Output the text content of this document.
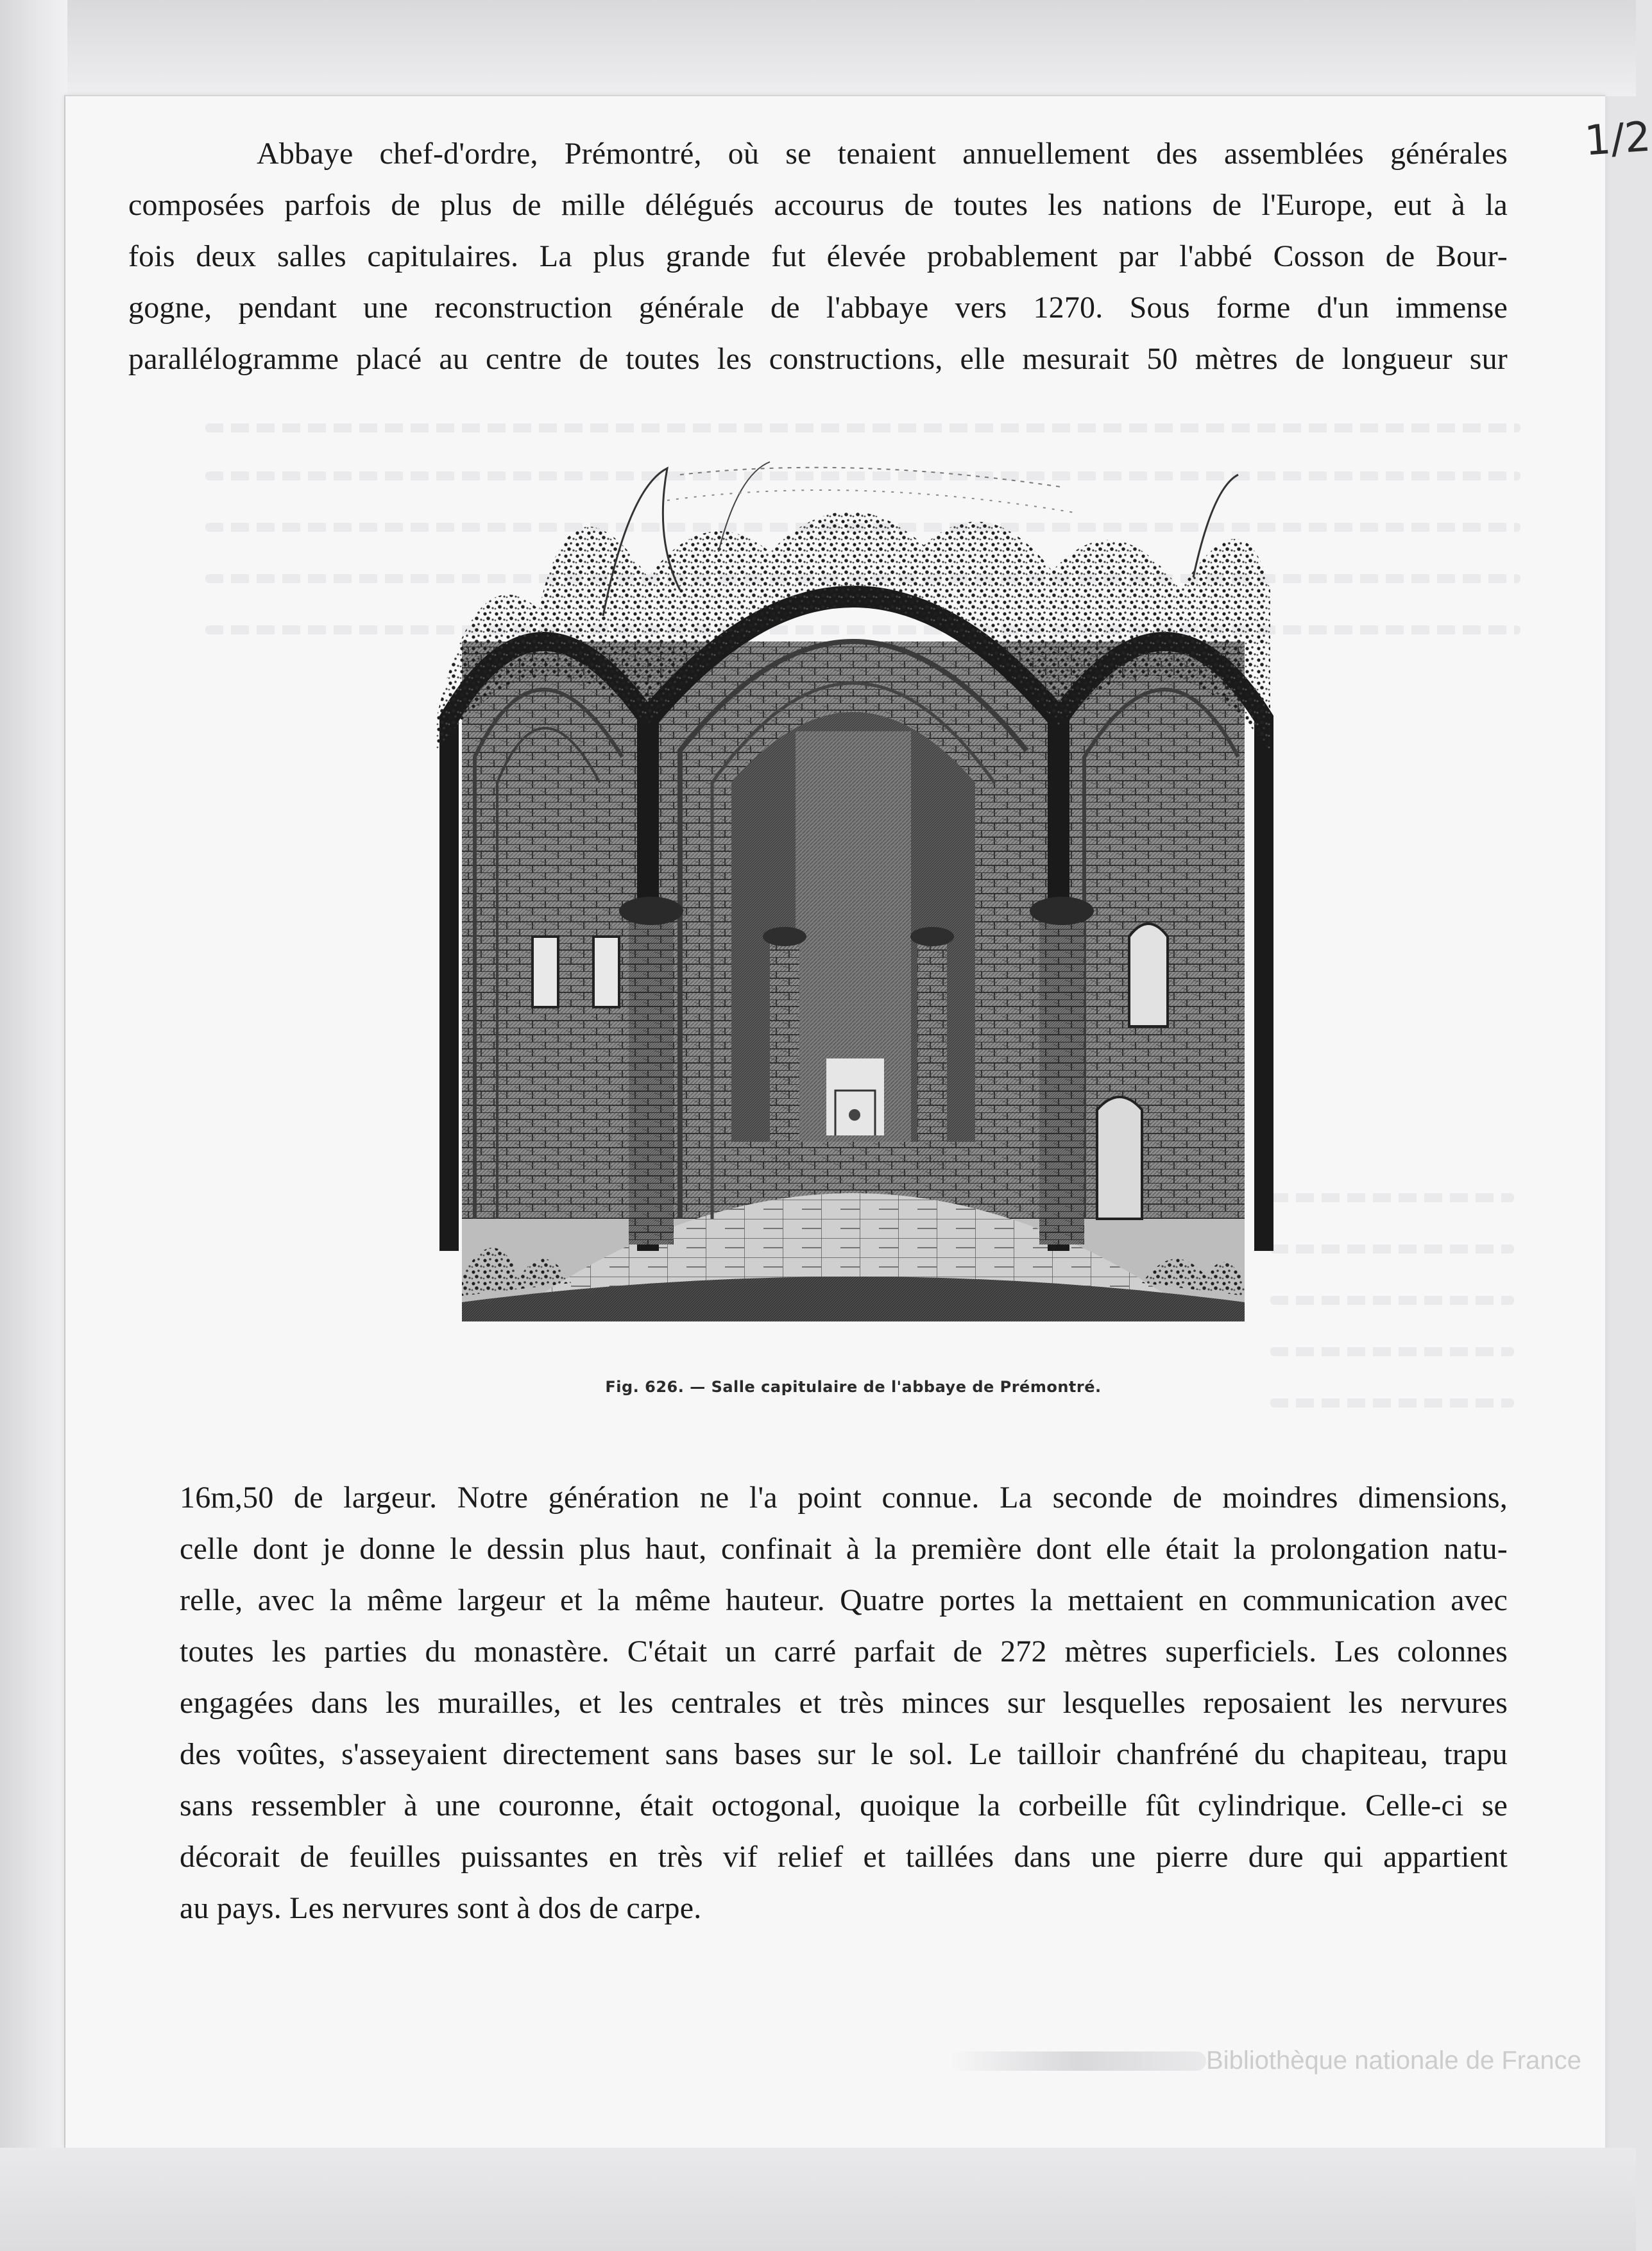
1/2

Abbaye chef-d'ordre, Prémontré, où se tenaient annuellement des assemblées générales

composées parfois de plus de mille délégués accourus de toutes les nations de l'Europe, eut à la

fois deux salles capitulaires. La plus grande fut élevée probablement par l'abbé Cosson de Bour-

gogne, pendant une reconstruction générale de l'abbaye vers 1270. Sous forme d'un immense

parallélogramme placé au centre de toutes les constructions, elle mesurait 50 mètres de longueur sur

Fig. 626. — Salle capitulaire de l'abbaye de Prémontré.

16m,50 de largeur. Notre génération ne l'a point connue. La seconde de moindres dimensions,

celle dont je donne le dessin plus haut, confinait à la première dont elle était la prolongation natu-

relle, avec la même largeur et la même hauteur. Quatre portes la mettaient en communication avec

toutes les parties du monastère. C'était un carré parfait de 272 mètres superficiels. Les colonnes

engagées dans les murailles, et les centrales et très minces sur lesquelles reposaient les nervures

des voûtes, s'asseyaient directement sans bases sur le sol. Le tailloir chanfréné du chapiteau, trapu

sans ressembler à une couronne, était octogonal, quoique la corbeille fût cylindrique. Celle-ci se

décorait de feuilles puissantes en très vif relief et taillées dans une pierre dure qui appartient

au pays. Les nervures sont à dos de carpe.

Bibliothèque nationale de France
